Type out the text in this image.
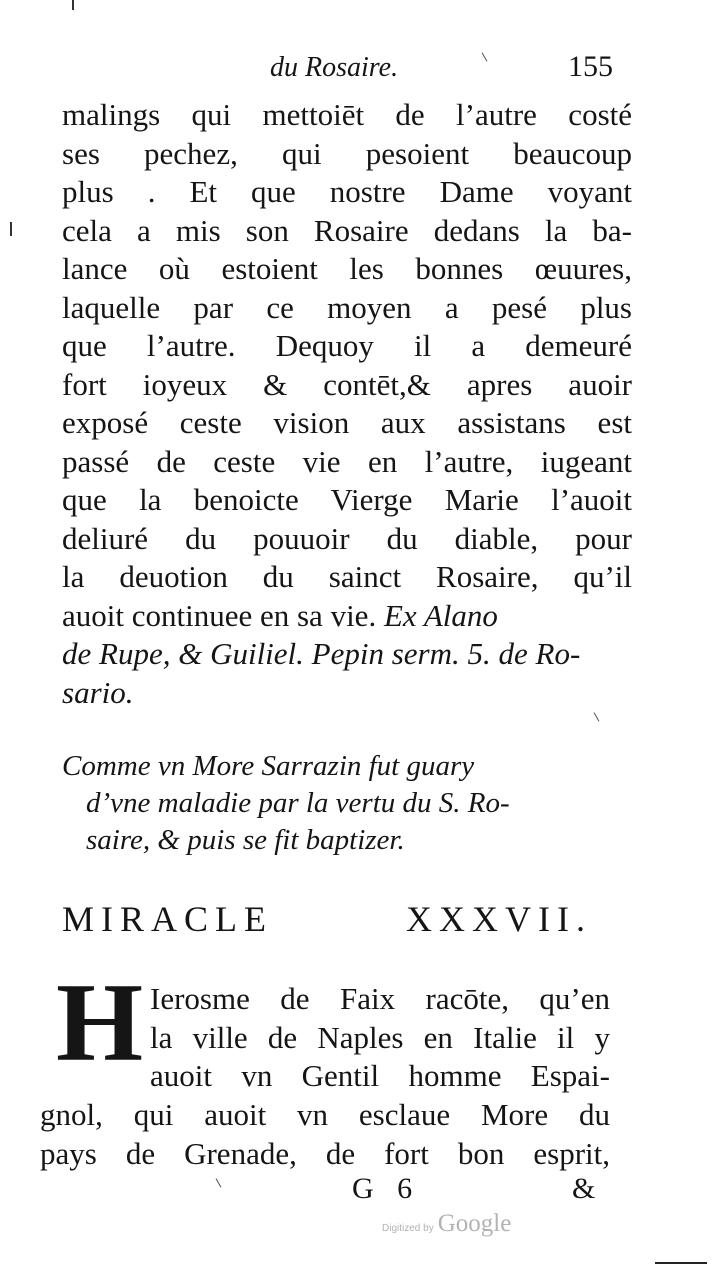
du Rosaire.	155
malings qui mettoiēt de l’autre costé
ses pechez, qui pesoient beaucoup
plus . Et que nostre Dame voyant
cela a mis son Rosaire dedans la ba-
lance où estoient les bonnes œuures,
laquelle par ce moyen a pesé plus
que l’autre. Dequoy il a demeuré
fort ioyeux & contēt,& apres auoir
exposé ceste vision aux assistans est
passé de ceste vie en l’autre, iugeant
que la benoicte Vierge Marie l’auoit
deliuré du pouuoir du diable, pour
la deuotion du sainct Rosaire, qu’il
auoit continuee en sa vie. Ex Alano
de Rupe, & Guiliel. Pepin serm. 5. de Ro-
sario.
Comme vn More Sarrazin fut guary
d’vne maladie par la vertu du S. Ro-
saire, & puis se fit baptizer.
MIRACLE XXXVII.
H Ierosme de Faix racōte, qu’en
la ville de Naples en Italie il y
auoit vn Gentil homme Espai-
gnol, qui auoit vn esclaue More du
pays de Grenade, de fort bon esprit,
G 6	&
Digitized by Google
